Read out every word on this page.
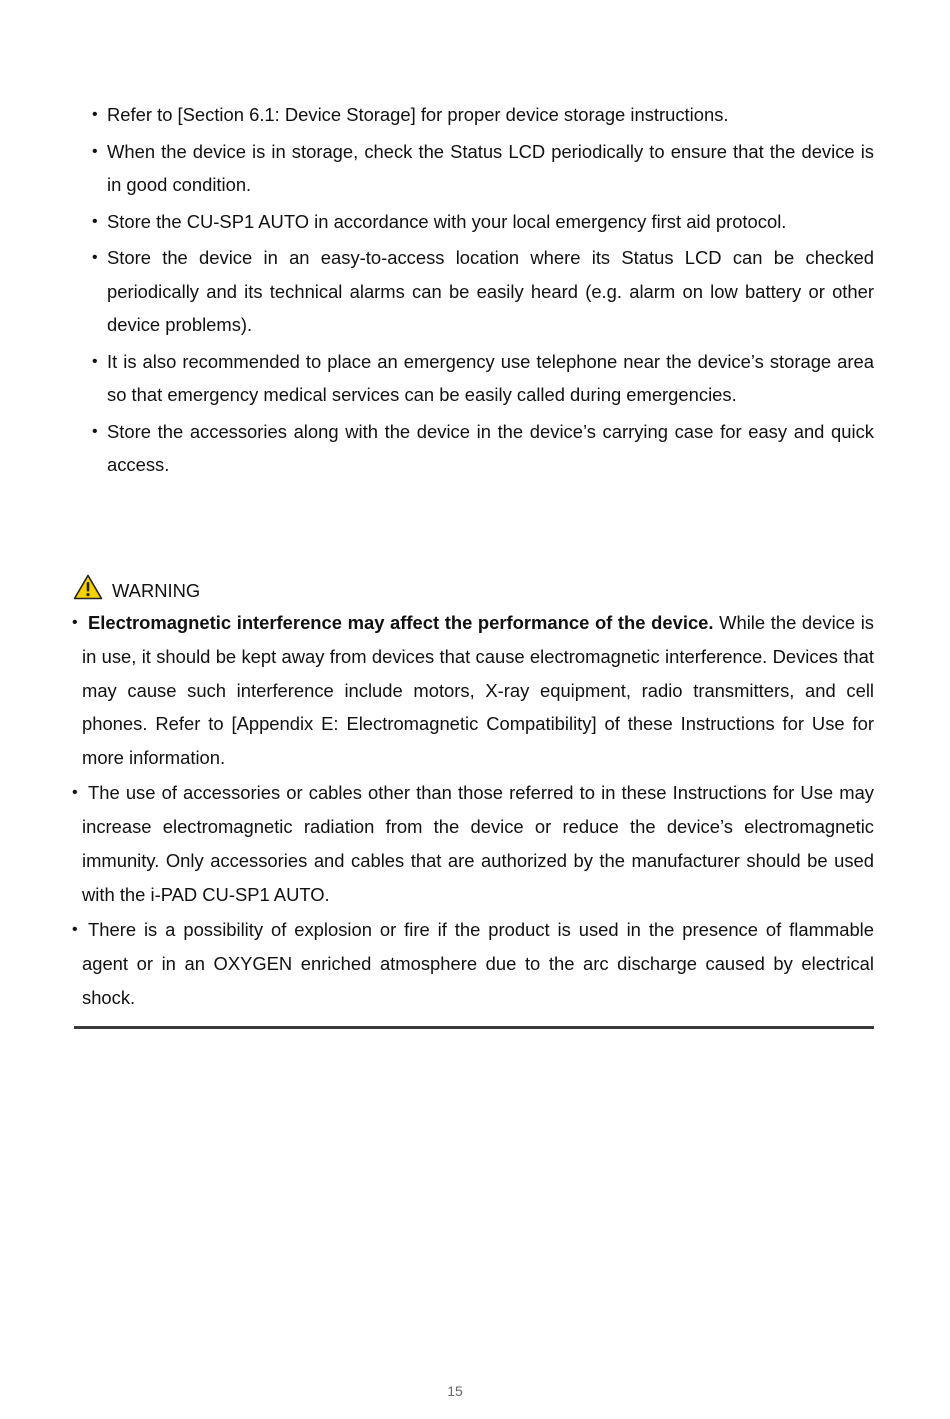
• Refer to [Section 6.1: Device Storage] for proper device storage instructions.
• When the device is in storage, check the Status LCD periodically to ensure that the device is in good condition.
• Store the CU-SP1 AUTO in accordance with your local emergency first aid protocol.
• Store the device in an easy-to-access location where its Status LCD can be checked periodically and its technical alarms can be easily heard (e.g. alarm on low battery or other device problems).
• It is also recommended to place an emergency use telephone near the device’s storage area so that emergency medical services can be easily called during emergencies.
• Store the accessories along with the device in the device’s carrying case for easy and quick access.
WARNING
• Electromagnetic interference may affect the performance of the device. While the device is in use, it should be kept away from devices that cause electromagnetic interference. Devices that may cause such interference include motors, X-ray equipment, radio transmitters, and cell phones. Refer to [Appendix E: Electromagnetic Compatibility] of these Instructions for Use for more information.
• The use of accessories or cables other than those referred to in these Instructions for Use may increase electromagnetic radiation from the device or reduce the device’s electromagnetic immunity. Only accessories and cables that are authorized by the manufacturer should be used with the i-PAD CU-SP1 AUTO.
• There is a possibility of explosion or fire if the product is used in the presence of flammable agent or in an OXYGEN enriched atmosphere due to the arc discharge caused by electrical shock.
15
